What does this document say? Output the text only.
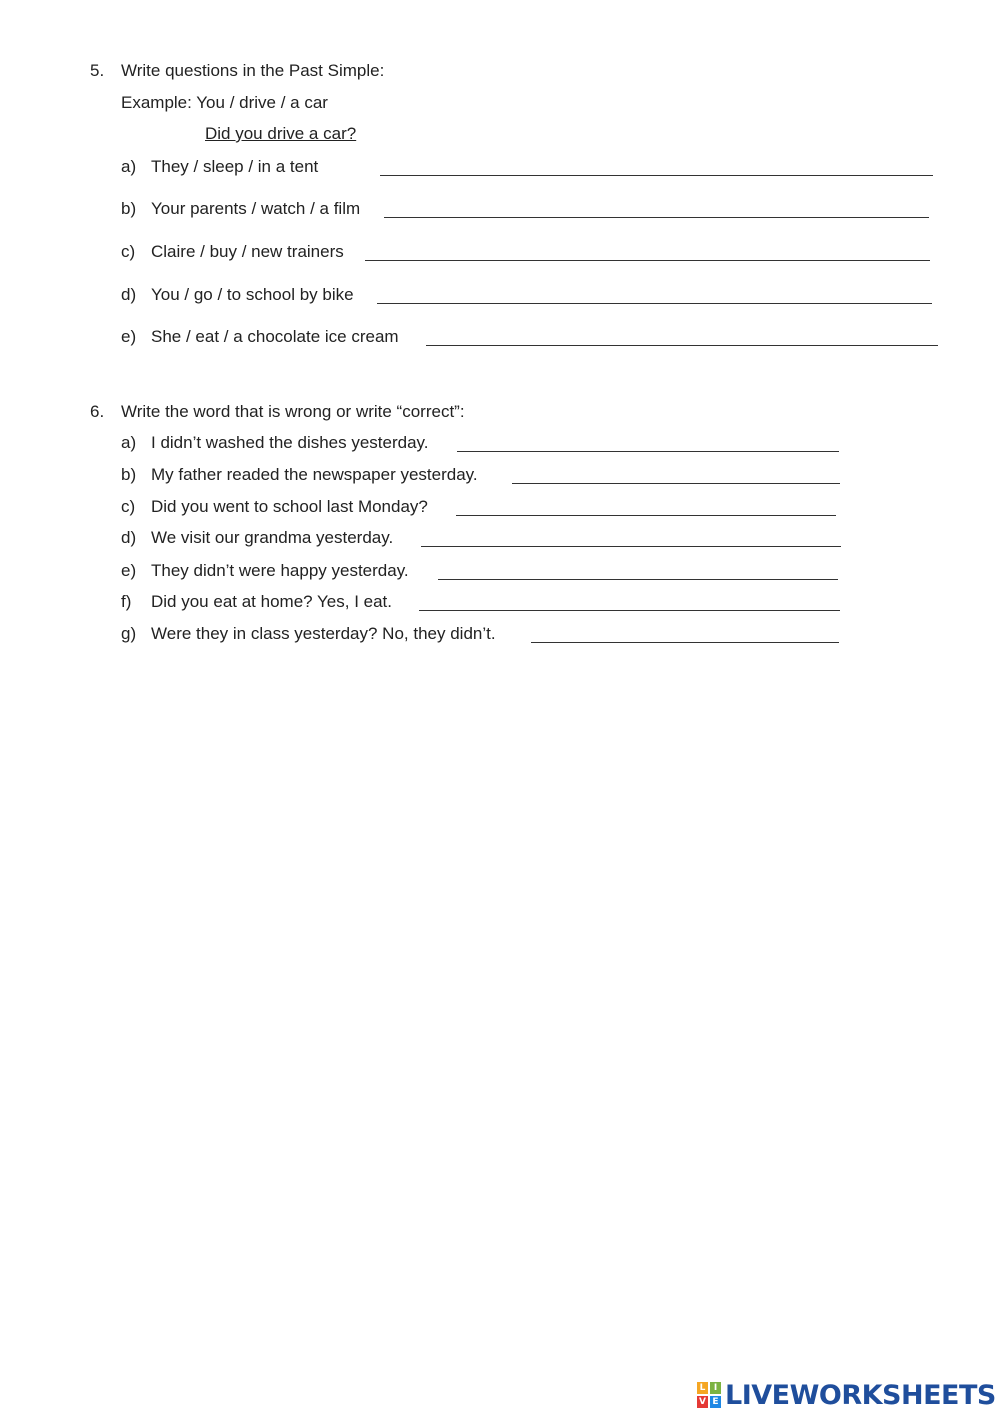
5. Write questions in the Past Simple:
Example: You / drive / a car
Did you drive a car?
a) They / sleep / in a tent
b) Your parents / watch / a film
c) Claire / buy / new trainers
d) You / go / to school by bike
e) She / eat / a chocolate ice cream
6. Write the word that is wrong or write “correct”:
a) I didn’t washed the dishes yesterday.
b) My father readed the newspaper yesterday.
c) Did you went to school last Monday?
d) We visit our grandma yesterday.
e) They didn’t were happy yesterday.
f) Did you eat at home? Yes, I eat.
g) Were they in class yesterday? No, they didn’t.
L I
V E LIVEWORKSHEETS
